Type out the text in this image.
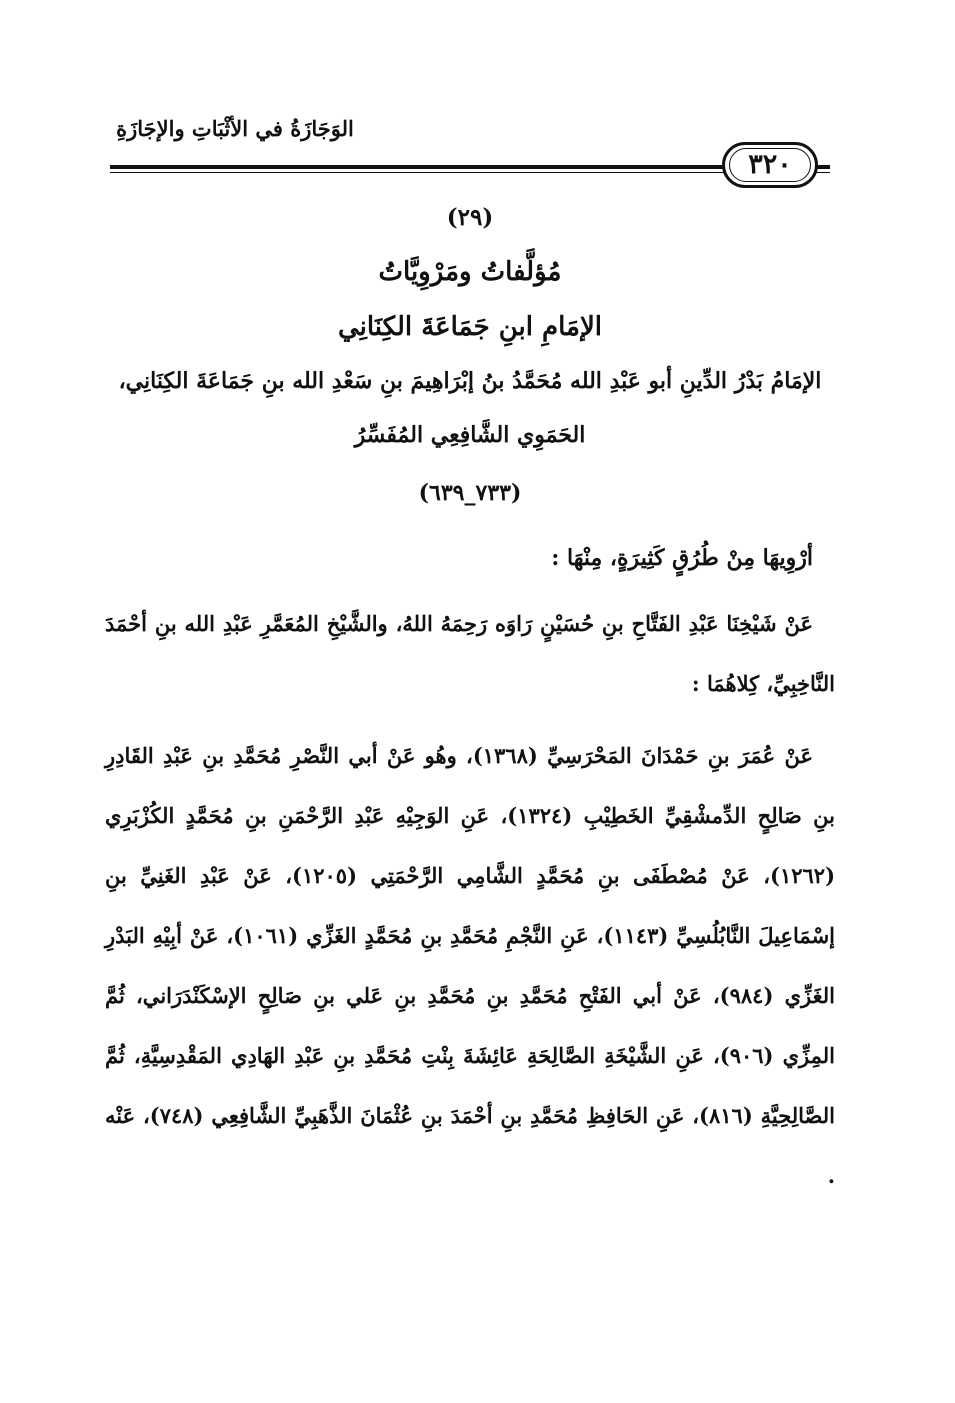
الوَجَازَةُ في الأثْبَاتِ والإجَازَةِ
٣٢٠
(٢٩)
مُؤلَّفاتُ ومَرْوِيَّاتُ
الإمَامِ ابنِ جَمَاعَةَ الكِنَانِي
الإمَامُ بَدْرُ الدِّينِ أبو عَبْدِ الله مُحَمَّدُ بنُ إبْرَاهِيمَ بنِ سَعْدِ الله بنِ جَمَاعَةَ الكِنَانِي،
الحَمَوِي الشَّافِعِي المُفَسِّرُ
(٧٣٣_٦٣٩)
أرْوِيهَا مِنْ طُرُقٍ كَثِيرَةٍ، مِنْهَا :

عَنْ شَيْخِنَا عَبْدِ الفَتَّاحِ بنِ حُسَيْنٍ رَاوَه رَحِمَهُ اللهُ، والشَّيْخِ المُعَمَّرِ عَبْدِ الله بنِ أحْمَدَ النَّاخِبِيِّ، كِلاهُمَا :

عَنْ عُمَرَ بنِ حَمْدَانَ المَحْرَسِيِّ (١٣٦٨)، وهُو عَنْ أبي النَّصْرِ مُحَمَّدِ بنِ عَبْدِ القَادِرِ بنِ صَالِحٍ الدِّمشْقِيِّ الخَطِيْبِ (١٣٢٤)، عَنِ الوَجِيْهِ عَبْدِ الرَّحْمَنِ بنِ مُحَمَّدٍ الكُزْبَرِي (١٢٦٢)، عَنْ مُصْطَفَى بنِ مُحَمَّدٍ الشَّامِي الرَّحْمَتِي (١٢٠٥)، عَنْ عَبْدِ الغَنِيِّ بنِ إسْمَاعِيلَ النَّابُلُسِيِّ (١١٤٣)، عَنِ النَّجْمِ مُحَمَّدِ بنِ مُحَمَّدٍ الغَزِّي (١٠٦١)، عَنْ أبِيْهِ البَدْرِ الغَزِّي (٩٨٤)، عَنْ أبي الفَتْحِ مُحَمَّدِ بنِ مُحَمَّدِ بنِ عَلي بنِ صَالِحٍ الإسْكَنْدَرَاني، ثُمَّ المِزِّي (٩٠٦)، عَنِ الشَّيْخَةِ الصَّالِحَةِ عَائِشَةَ بِنْتِ مُحَمَّدِ بنِ عَبْدِ الهَادِي المَقْدِسِيَّةِ، ثُمَّ الصَّالِحِيَّةِ (٨١٦)، عَنِ الحَافِظِ مُحَمَّدِ بنِ أحْمَدَ بنِ عُثْمَانَ الذَّهَبِيِّ الشَّافِعِي (٧٤٨)، عَنْه .
